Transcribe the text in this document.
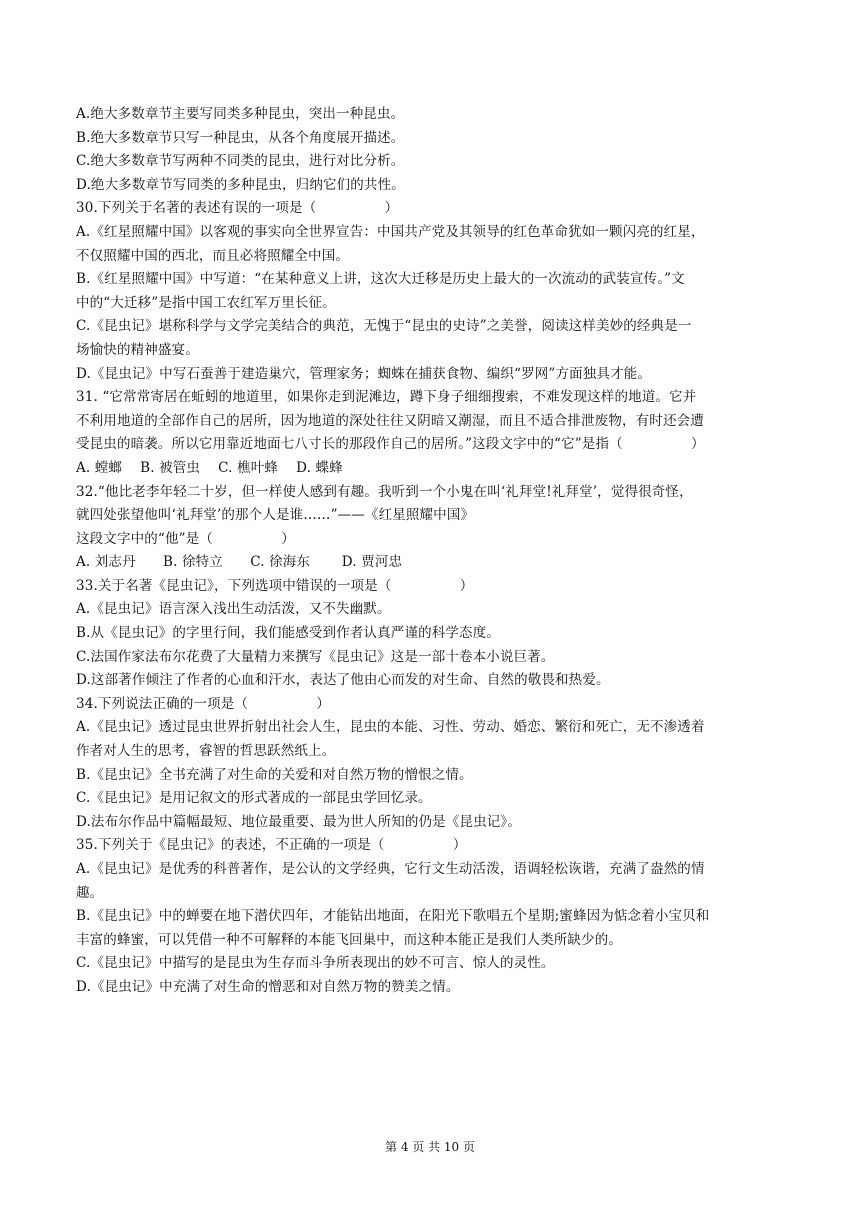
A.绝大多数章节主要写同类多种昆虫，突出一种昆虫。
B.绝大多数章节只写一种昆虫，从各个角度展开描述。
C.绝大多数章节写两种不同类的昆虫，进行对比分析。
D.绝大多数章节写同类的多种昆虫，归纳它们的共性。
30.下列关于名著的表述有误的一项是（　　　　　）
A.《红星照耀中国》以客观的事实向全世界宣告：中国共产党及其领导的红色革命犹如一颗闪亮的红星，
不仅照耀中国的西北，而且必将照耀全中国。
B.《红星照耀中国》中写道：“在某种意义上讲，这次大迁移是历史上最大的一次流动的武装宣传。”文
中的“大迁移”是指中国工农红军万里长征。
C.《昆虫记》堪称科学与文学完美结合的典范，无愧于“昆虫的史诗”之美誉，阅读这样美妙的经典是一
场愉快的精神盛宴。
D.《昆虫记》中写石蚕善于建造巢穴，管理家务；蜘蛛在捕获食物、编织“罗网”方面独具才能。
31. “它常常寄居在蚯蚓的地道里，如果你走到泥滩边，蹲下身子细细搜索，不难发现这样的地道。它并
不利用地道的全部作自己的居所，因为地道的深处往往又阴暗又潮湿，而且不适合排泄废物，有时还会遭
受昆虫的暗袭。所以它用靠近地面七八寸长的那段作自己的居所。”这段文字中的“它”是指（　　　　　）
A. 螳螂　 B. 被管虫　 C. 樵叶蜂　 D. 蝶蜂
32.“他比老李年轻二十岁，但一样使人感到有趣。我听到一个小鬼在叫‘礼拜堂!礼拜堂’，觉得很奇怪，
就四处张望他叫‘礼拜堂’的那个人是谁……”——《红星照耀中国》
这段文字中的“他”是（　　　　　）
A. 刘志丹　　B. 徐特立　　C. 徐海东　　 D. 贾河忠
33.关于名著《昆虫记》，下列选项中错误的一项是（　　　　　）
A.《昆虫记》语言深入浅出生动活泼，又不失幽默。
B.从《昆虫记》的字里行间，我们能感受到作者认真严谨的科学态度。
C.法国作家法布尔花费了大量精力来撰写《昆虫记》这是一部十卷本小说巨著。
D.这部著作倾注了作者的心血和汗水，表达了他由心而发的对生命、自然的敬畏和热爱。
34.下列说法正确的一项是（　　　　　）
A.《昆虫记》透过昆虫世界折射出社会人生，昆虫的本能、习性、劳动、婚恋、繁衍和死亡，无不渗透着
作者对人生的思考，睿智的哲思跃然纸上。
B.《昆虫记》全书充满了对生命的关爱和对自然万物的憎恨之情。
C.《昆虫记》是用记叙文的形式著成的一部昆虫学回忆录。
D.法布尔作品中篇幅最短、地位最重要、最为世人所知的仍是《昆虫记》。
35.下列关于《昆虫记》的表述，不正确的一项是（　　　　　）
A.《昆虫记》是优秀的科普著作，是公认的文学经典，它行文生动活泼，语调轻松诙谐，充满了盎然的情
趣。
B.《昆虫记》中的蝉要在地下潜伏四年，才能钻出地面，在阳光下歌唱五个星期;蜜蜂因为惦念着小宝贝和
丰富的蜂蜜，可以凭借一种不可解释的本能飞回巢中，而这种本能正是我们人类所缺少的。
C.《昆虫记》中描写的是昆虫为生存而斗争所表现出的妙不可言、惊人的灵性。
D.《昆虫记》中充满了对生命的憎恶和对自然万物的赞美之情。
第 4 页 共 10 页
